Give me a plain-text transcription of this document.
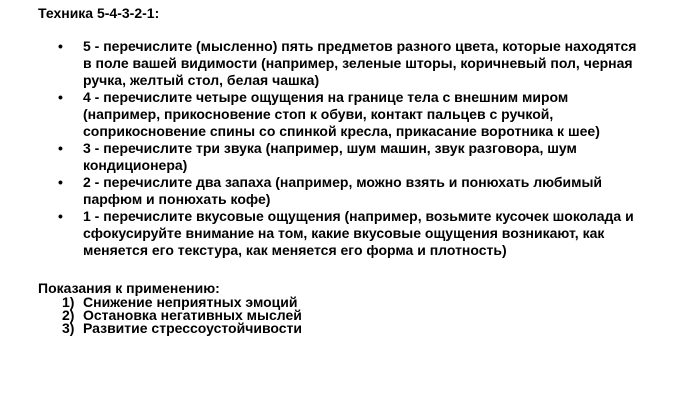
Техника 5-4-3-2-1:

• 5 - перечислите (мысленно) пять предметов разного цвета, которые находятся в поле вашей видимости (например, зеленые шторы, коричневый пол, черная ручка, желтый стол, белая чашка)
• 4 - перечислите четыре ощущения на границе тела с внешним миром (например, прикосновение стоп к обуви, контакт пальцев с ручкой, соприкосновение спины со спинкой кресла, прикасание воротника к шее)
• 3 - перечислите три звука (например, шум машин, звук разговора, шум кондиционера)
• 2 - перечислите два запаха (например, можно взять и понюхать любимый парфюм и понюхать кофе)
• 1 - перечислите вкусовые ощущения (например, возьмите кусочек шоколада и сфокусируйте внимание на том, какие вкусовые ощущения возникают, как меняется его текстура, как меняется его форма и плотность)

Показания к применению:

1) Снижение неприятных эмоций
2) Остановка негативных мыслей
3) Развитие стрессоустойчивости
